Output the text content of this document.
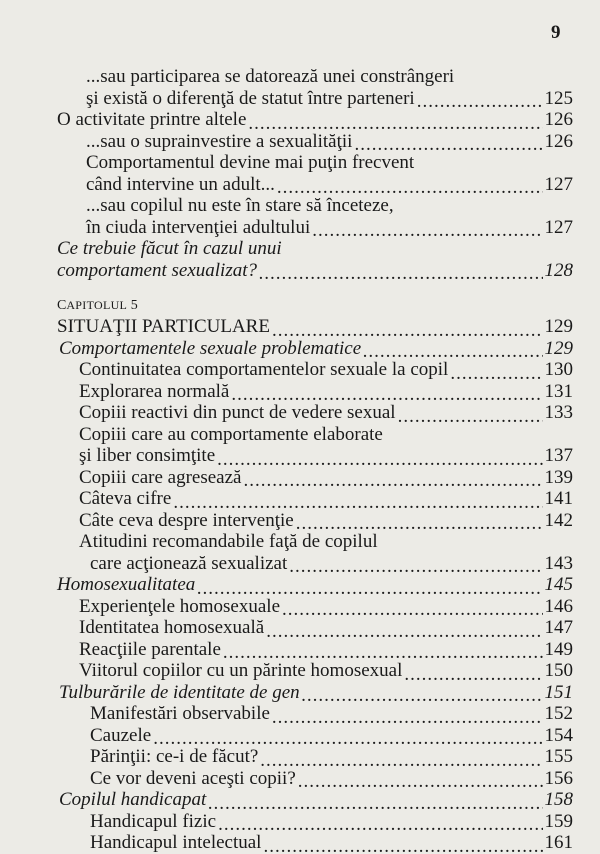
9
...sau participarea se datorează unei constrângeri
şi există o diferenţă de statut între parteneri .....	125
O activitate printre altele .....	126
...sau o suprainvestire a sexualităţii .....	126
Comportamentul devine mai puţin frecvent
când intervine un adult... .....	127
...sau copilul nu este în stare să înceteze,
în ciuda intervenţiei adultului .....	127
Ce trebuie făcut în cazul unui
comportament sexualizat? .....	128
CAPITOLUL 5
SITUAŢII PARTICULARE .....	129
Comportamentele sexuale problematice .....	129
Continuitatea comportamentelor sexuale la copil .....	130
Explorarea normală .....	131
Copiii reactivi din punct de vedere sexual .....	133
Copiii care au comportamente elaborate
şi liber consimţite .....	137
Copiii care agresează .....	139
Câteva cifre .....	141
Câte ceva despre intervenţie .....	142
Atitudini recomandabile faţă de copilul
care acţionează sexualizat .....	143
Homosexualitatea .....	145
Experienţele homosexuale .....	146
Identitatea homosexuală .....	147
Reacţiile parentale .....	149
Viitorul copiilor cu un părinte homosexual .....	150
Tulburările de identitate de gen .....	151
Manifestări observabile .....	152
Cauzele .....	154
Părinţii: ce-i de făcut? .....	155
Ce vor deveni aceşti copii? .....	156
Copilul handicapat .....	158
Handicapul fizic .....	159
Handicapul intelectual .....	161
